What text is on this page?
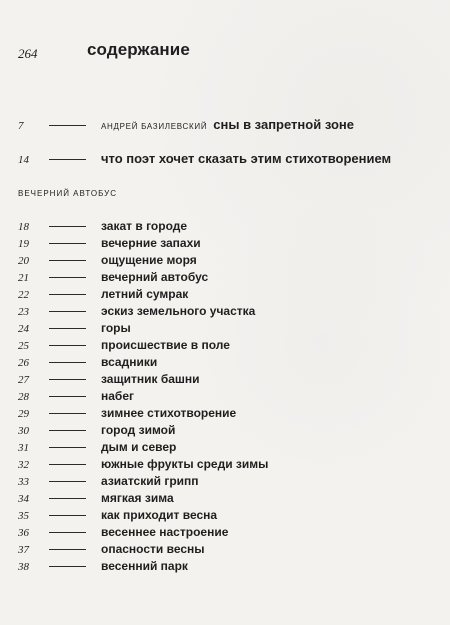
264	содержание
7	АНДРЕЙ БАЗИЛЕВСКИЙ сны в запретной зоне
14	что поэт хочет сказать этим стихотворением
ВЕЧЕРНИЙ АВТОБУС
18	закат в городе
19	вечерние запахи
20	ощущение моря
21	вечерний автобус
22	летний сумрак
23	эскиз земельного участка
24	горы
25	происшествие в поле
26	всадники
27	защитник башни
28	набег
29	зимнее стихотворение
30	город зимой
31	дым и север
32	южные фрукты среди зимы
33	азиатский грипп
34	мягкая зима
35	как приходит весна
36	весеннее настроение
37	опасности весны
38	весенний парк
